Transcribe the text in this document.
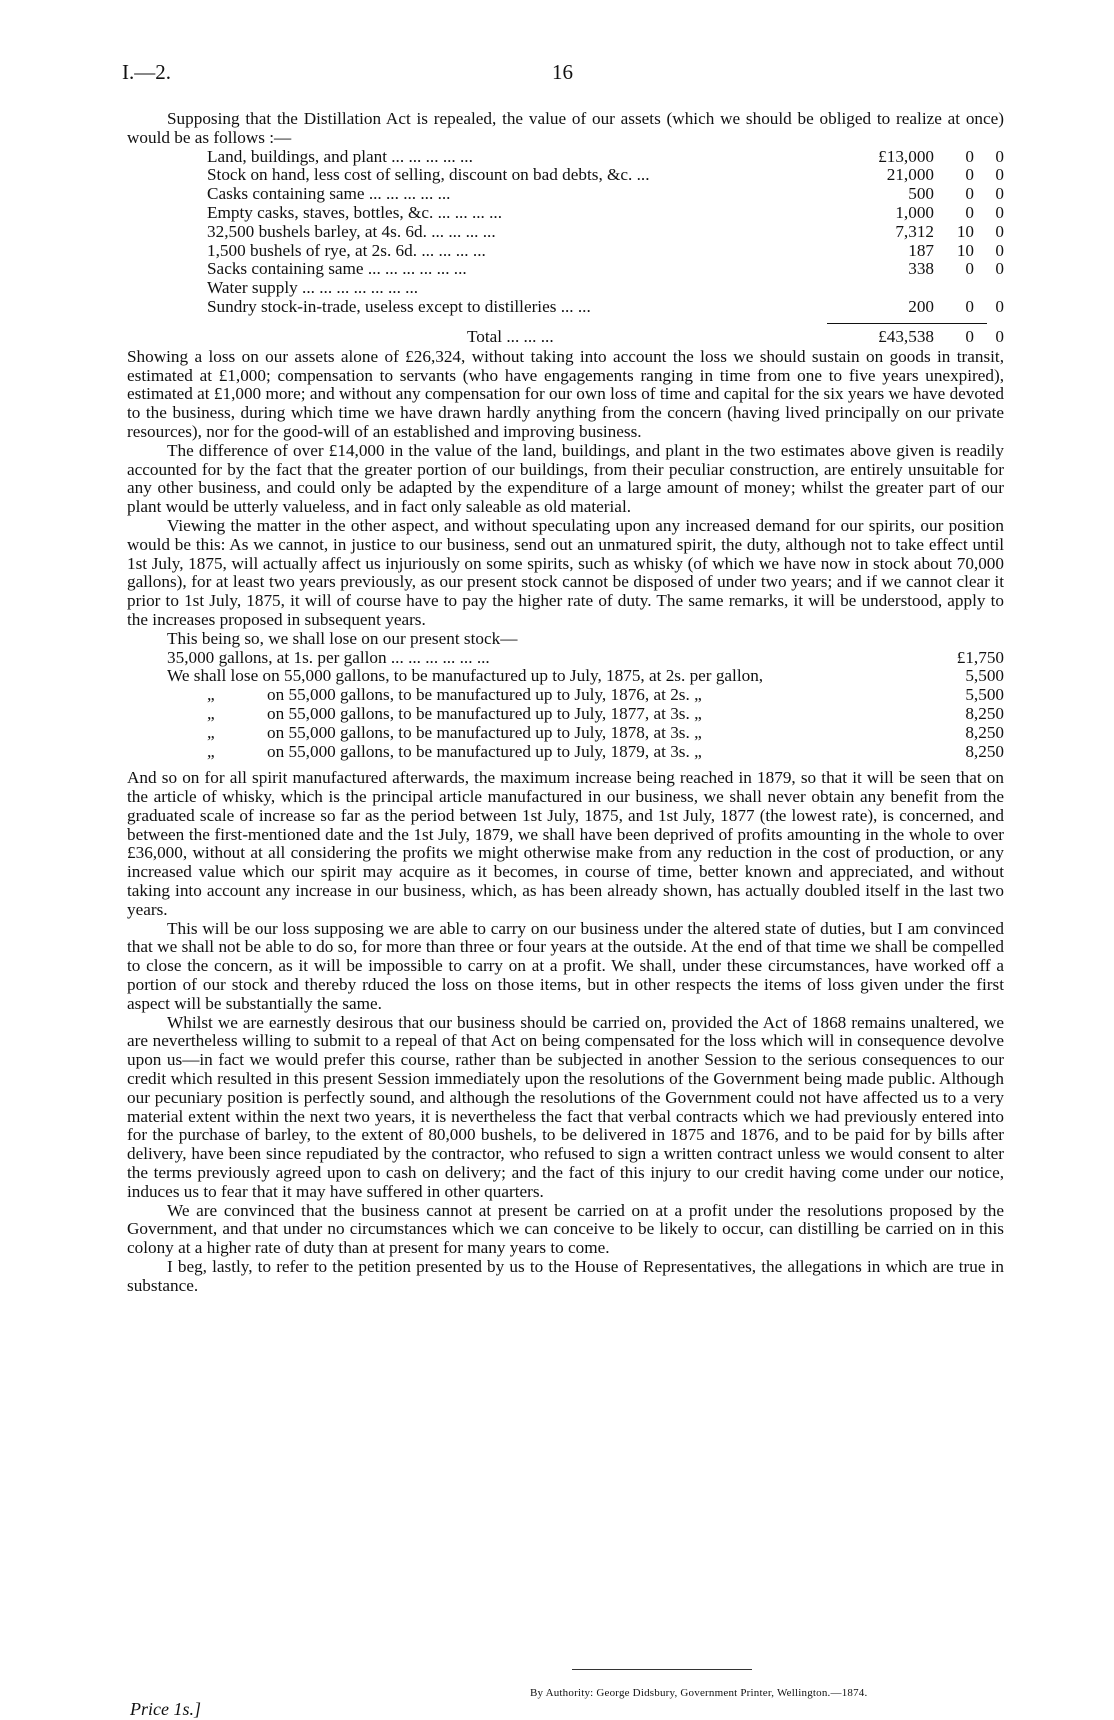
I.—2.	16

Supposing that the Distillation Act is repealed, the value of our assets (which we should be obliged to realize at once) would be as follows :—

Land, buildings, and plant ... ... ... ... ...	£13,000	0	0
Stock on hand, less cost of selling, discount on bad debts, &c. ...	21,000	0	0
Casks containing same ... ... ... ... ...	500	0	0
Empty casks, staves, bottles, &c. ... ... ... ...	1,000	0	0
32,500 bushels barley, at 4s. 6d. ... ... ... ...	7,312	10	0
1,500 bushels of rye, at 2s. 6d. ... ... ... ...	187	10	0
Sacks containing same ... ... ... ... ... ...	338	0	0
Water supply ... ... ... ... ... ... ...
Sundry stock-in-trade, useless except to distilleries ... ...	200	0	0
Total ... ... ...	£43,538	0	0

Showing a loss on our assets alone of £26,324, without taking into account the loss we should sustain on goods in transit, estimated at £1,000; compensation to servants (who have engagements ranging in time from one to five years unexpired), estimated at £1,000 more; and without any compensation for our own loss of time and capital for the six years we have devoted to the business, during which time we have drawn hardly anything from the concern (having lived principally on our private resources), nor for the good-will of an established and improving business.

The difference of over £14,000 in the value of the land, buildings, and plant in the two estimates above given is readily accounted for by the fact that the greater portion of our buildings, from their peculiar construction, are entirely unsuitable for any other business, and could only be adapted by the expenditure of a large amount of money; whilst the greater part of our plant would be utterly valueless, and in fact only saleable as old material.

Viewing the matter in the other aspect, and without speculating upon any increased demand for our spirits, our position would be this: As we cannot, in justice to our business, send out an unmatured spirit, the duty, although not to take effect until 1st July, 1875, will actually affect us injuriously on some spirits, such as whisky (of which we have now in stock about 70,000 gallons), for at least two years previously, as our present stock cannot be disposed of under two years; and if we cannot clear it prior to 1st July, 1875, it will of course have to pay the higher rate of duty. The same remarks, it will be understood, apply to the increases proposed in subsequent years.

This being so, we shall lose on our present stock—

35,000 gallons, at 1s. per gallon ... ... ... ... ... ...	£1,750
We shall lose on 55,000 gallons, to be manufactured up to July, 1875, at 2s. per gallon,	5,500
„	on 55,000 gallons, to be manufactured up to July, 1876, at 2s. „	5,500
„	on 55,000 gallons, to be manufactured up to July, 1877, at 3s. „	8,250
„	on 55,000 gallons, to be manufactured up to July, 1878, at 3s. „	8,250
„	on 55,000 gallons, to be manufactured up to July, 1879, at 3s. „	8,250

And so on for all spirit manufactured afterwards, the maximum increase being reached in 1879, so that it will be seen that on the article of whisky, which is the principal article manufactured in our business, we shall never obtain any benefit from the graduated scale of increase so far as the period between 1st July, 1875, and 1st July, 1877 (the lowest rate), is concerned, and between the first-mentioned date and the 1st July, 1879, we shall have been deprived of profits amounting in the whole to over £36,000, without at all considering the profits we might otherwise make from any reduction in the cost of production, or any increased value which our spirit may acquire as it becomes, in course of time, better known and appreciated, and without taking into account any increase in our business, which, as has been already shown, has actually doubled itself in the last two years.

This will be our loss supposing we are able to carry on our business under the altered state of duties, but I am convinced that we shall not be able to do so, for more than three or four years at the outside. At the end of that time we shall be compelled to close the concern, as it will be impossible to carry on at a profit. We shall, under these circumstances, have worked off a portion of our stock and thereby rduced the loss on those items, but in other respects the items of loss given under the first aspect will be substantially the same.

Whilst we are earnestly desirous that our business should be carried on, provided the Act of 1868 remains unaltered, we are nevertheless willing to submit to a repeal of that Act on being compensated for the loss which will in consequence devolve upon us—in fact we would prefer this course, rather than be subjected in another Session to the serious consequences to our credit which resulted in this present Session immediately upon the resolutions of the Government being made public. Although our pecuniary position is perfectly sound, and although the resolutions of the Government could not have affected us to a very material extent within the next two years, it is nevertheless the fact that verbal contracts which we had previously entered into for the purchase of barley, to the extent of 80,000 bushels, to be delivered in 1875 and 1876, and to be paid for by bills after delivery, have been since repudiated by the contractor, who refused to sign a written contract unless we would consent to alter the terms previously agreed upon to cash on delivery; and the fact of this injury to our credit having come under our notice, induces us to fear that it may have suffered in other quarters.

We are convinced that the business cannot at present be carried on at a profit under the resolutions proposed by the Government, and that under no circumstances which we can conceive to be likely to occur, can distilling be carried on in this colony at a higher rate of duty than at present for many years to come.

I beg, lastly, to refer to the petition presented by us to the House of Representatives, the allegations in which are true in substance.

By Authority: George Didsbury, Government Printer, Wellington.—1874.
Price 1s.]
